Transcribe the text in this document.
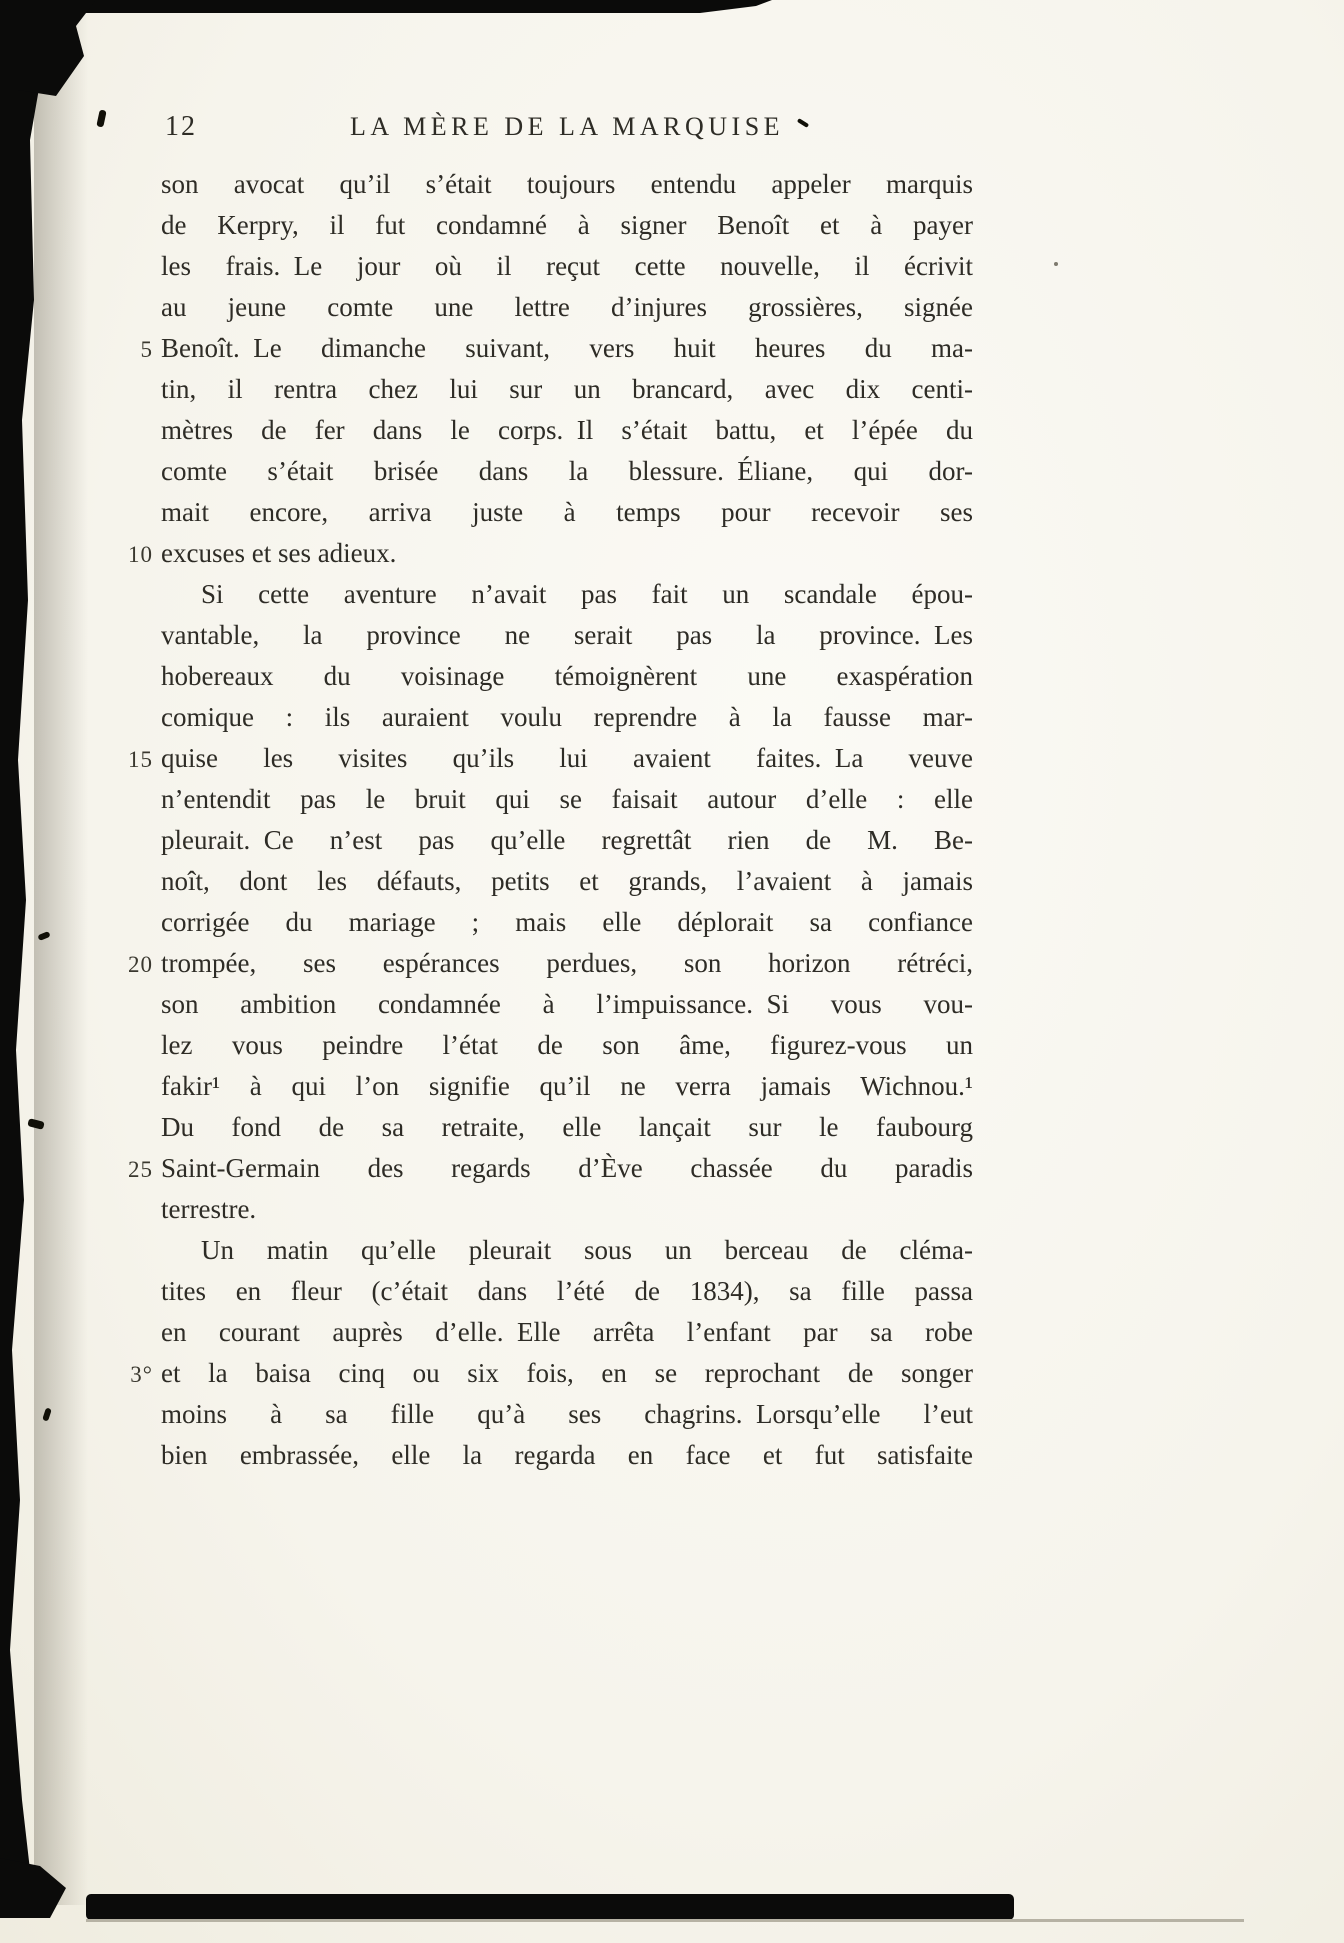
12	LA MÈRE DE LA MARQUISE
son avocat qu’il s’était toujours entendu appeler marquis
de Kerpry, il fut condamné à signer Benoît et à payer
les frais. Le jour où il reçut cette nouvelle, il écrivit
au jeune comte une lettre d’injures grossières, signée
5 Benoît. Le dimanche suivant, vers huit heures du ma-
tin, il rentra chez lui sur un brancard, avec dix centi-
mètres de fer dans le corps. Il s’était battu, et l’épée du
comte s’était brisée dans la blessure. Éliane, qui dor-
mait encore, arriva juste à temps pour recevoir ses
10 excuses et ses adieux.
Si cette aventure n’avait pas fait un scandale épou-
vantable, la province ne serait pas la province. Les
hobereaux du voisinage témoignèrent une exaspération
comique : ils auraient voulu reprendre à la fausse mar-
15 quise les visites qu’ils lui avaient faites. La veuve
n’entendit pas le bruit qui se faisait autour d’elle : elle
pleurait. Ce n’est pas qu’elle regrettât rien de M. Be-
noît, dont les défauts, petits et grands, l’avaient à jamais
corrigée du mariage ; mais elle déplorait sa confiance
20 trompée, ses espérances perdues, son horizon rétréci,
son ambition condamnée à l’impuissance. Si vous vou-
lez vous peindre l’état de son âme, figurez-vous un
fakir¹ à qui l’on signifie qu’il ne verra jamais Wichnou.¹
Du fond de sa retraite, elle lançait sur le faubourg
25 Saint-Germain des regards d’Ève chassée du paradis
terrestre.
Un matin qu’elle pleurait sous un berceau de cléma-
tites en fleur (c’était dans l’été de 1834), sa fille passa
en courant auprès d’elle. Elle arrêta l’enfant par sa robe
3° et la baisa cinq ou six fois, en se reprochant de songer
moins à sa fille qu’à ses chagrins. Lorsqu’elle l’eut
bien embrassée, elle la regarda en face et fut satisfaite
